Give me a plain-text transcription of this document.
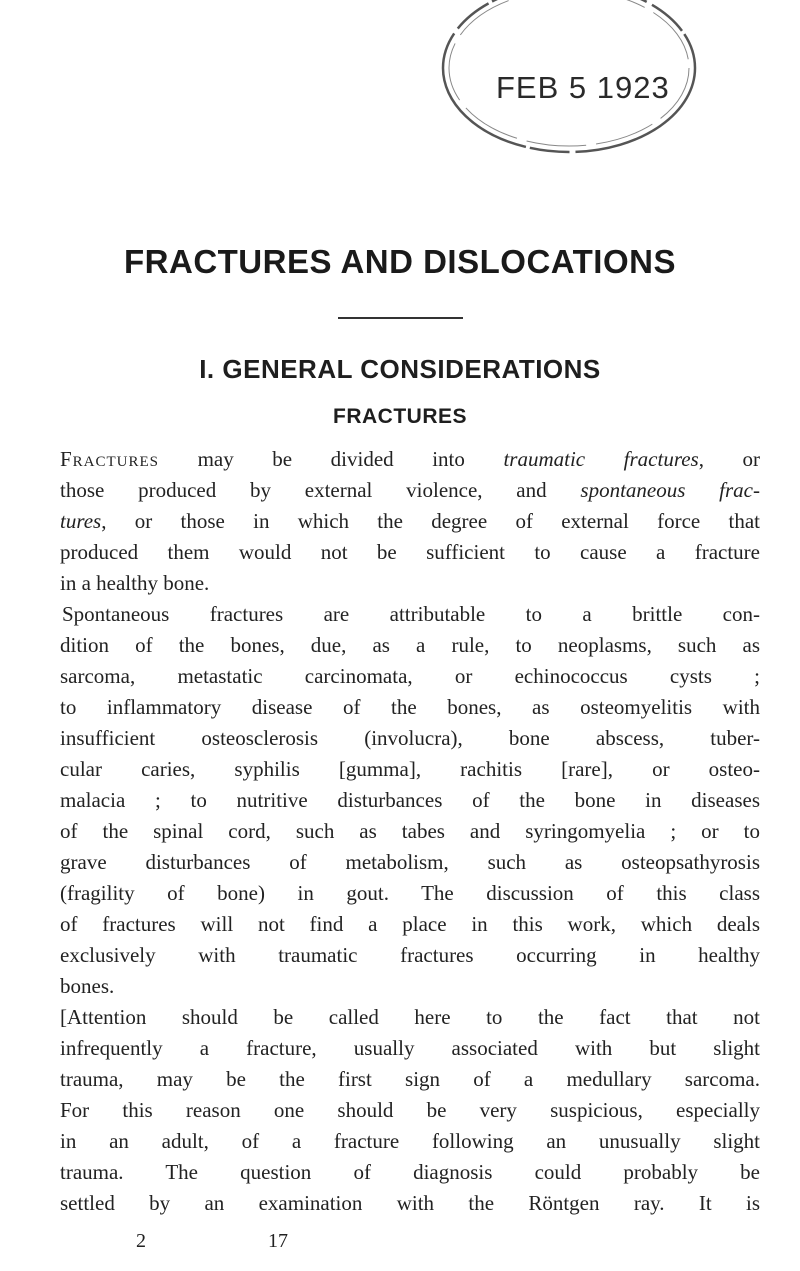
FEB 5 1923
FRACTURES AND DISLOCATIONS
I. GENERAL CONSIDERATIONS
FRACTURES
Fractures may be divided into traumatic fractures, or
those produced by external violence, and spontaneous frac-
tures, or those in which the degree of external force that
produced them would not be sufficient to cause a fracture
in a healthy bone.
Spontaneous fractures are attributable to a brittle con-
dition of the bones, due, as a rule, to neoplasms, such as
sarcoma, metastatic carcinomata, or echinococcus cysts ;
to inflammatory disease of the bones, as osteomyelitis with
insufficient osteosclerosis (involucra), bone abscess, tuber-
cular caries, syphilis [gumma], rachitis [rare], or osteo-
malacia ; to nutritive disturbances of the bone in diseases
of the spinal cord, such as tabes and syringomyelia ; or to
grave disturbances of metabolism, such as osteopsathyrosis
(fragility of bone) in gout. The discussion of this class
of fractures will not find a place in this work, which deals
exclusively with traumatic fractures occurring in healthy
bones.
[Attention should be called here to the fact that not
infrequently a fracture, usually associated with but slight
trauma, may be the first sign of a medullary sarcoma.
For this reason one should be very suspicious, especially
in an adult, of a fracture following an unusually slight
trauma. The question of diagnosis could probably be
settled by an examination with the Röntgen ray. It is
2	17
